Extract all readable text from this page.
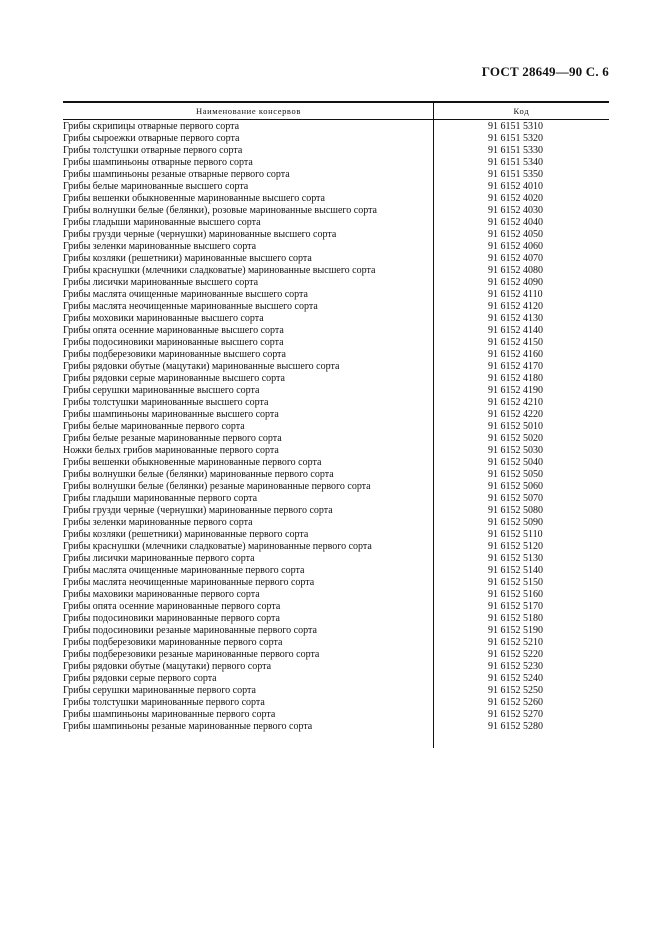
ГОСТ 28649—90 С. 6
Наименование консервов	Код
Грибы скрипицы отварные первого сорта	91 6151 5310
Грибы сыроежки отварные первого сорта	91 6151 5320
Грибы толстушки отварные первого сорта	91 6151 5330
Грибы шампиньоны отварные первого сорта	91 6151 5340
Грибы шампиньоны резаные отварные первого сорта	91 6151 5350
Грибы белые маринованные высшего сорта	91 6152 4010
Грибы вешенки обыкновенные маринованные высшего сорта	91 6152 4020
Грибы волнушки белые (белянки), розовые маринованные высшего сорта	91 6152 4030
Грибы гладыши маринованные высшего сорта	91 6152 4040
Грибы грузди черные (чернушки) маринованные высшего сорта	91 6152 4050
Грибы зеленки маринованные высшего сорта	91 6152 4060
Грибы козляки (решетники) маринованные высшего сорта	91 6152 4070
Грибы краснушки (млечники сладковатые) маринованные высшего сорта	91 6152 4080
Грибы лисички маринованные высшего сорта	91 6152 4090
Грибы маслята очищенные маринованные высшего сорта	91 6152 4110
Грибы маслята неочищенные маринованные высшего сорта	91 6152 4120
Грибы моховики маринованные высшего сорта	91 6152 4130
Грибы опята осенние маринованные высшего сорта	91 6152 4140
Грибы подосиновики маринованные высшего сорта	91 6152 4150
Грибы подберезовики маринованные высшего сорта	91 6152 4160
Грибы рядовки обутые (мацутаки) маринованные высшего сорта	91 6152 4170
Грибы рядовки серые маринованные высшего сорта	91 6152 4180
Грибы серушки маринованные высшего сорта	91 6152 4190
Грибы толстушки маринованные высшего сорта	91 6152 4210
Грибы шампиньоны маринованные высшего сорта	91 6152 4220
Грибы белые маринованные первого сорта	91 6152 5010
Грибы белые резаные маринованные первого сорта	91 6152 5020
Ножки белых грибов маринованные первого сорта	91 6152 5030
Грибы вешенки обыкновенные маринованные первого сорта	91 6152 5040
Грибы волнушки белые (белянки) маринованные первого сорта	91 6152 5050
Грибы волнушки белые (белянки) резаные маринованные первого сорта	91 6152 5060
Грибы гладыши маринованные первого сорта	91 6152 5070
Грибы грузди черные (чернушки) маринованные первого сорта	91 6152 5080
Грибы зеленки маринованные первого сорта	91 6152 5090
Грибы козляки (решетники) маринованные первого сорта	91 6152 5110
Грибы краснушки (млечники сладковатые) маринованные первого сорта	91 6152 5120
Грибы лисички маринованные первого сорта	91 6152 5130
Грибы маслята очищенные маринованные первого сорта	91 6152 5140
Грибы маслята неочищенные маринованные первого сорта	91 6152 5150
Грибы маховики маринованные первого сорта	91 6152 5160
Грибы опята осенние маринованные первого сорта	91 6152 5170
Грибы подосиновики маринованные первого сорта	91 6152 5180
Грибы подосиновики резаные маринованные первого сорта	91 6152 5190
Грибы подберезовики маринованные первого сорта	91 6152 5210
Грибы подберезовики резаные маринованные первого сорта	91 6152 5220
Грибы рядовки обутые (мацутаки) первого сорта	91 6152 5230
Грибы рядовки серые первого сорта	91 6152 5240
Грибы серушки маринованные первого сорта	91 6152 5250
Грибы толстушки маринованные первого сорта	91 6152 5260
Грибы шампиньоны маринованные первого сорта	91 6152 5270
Грибы шампиньоны резаные маринованные первого сорта	91 6152 5280
